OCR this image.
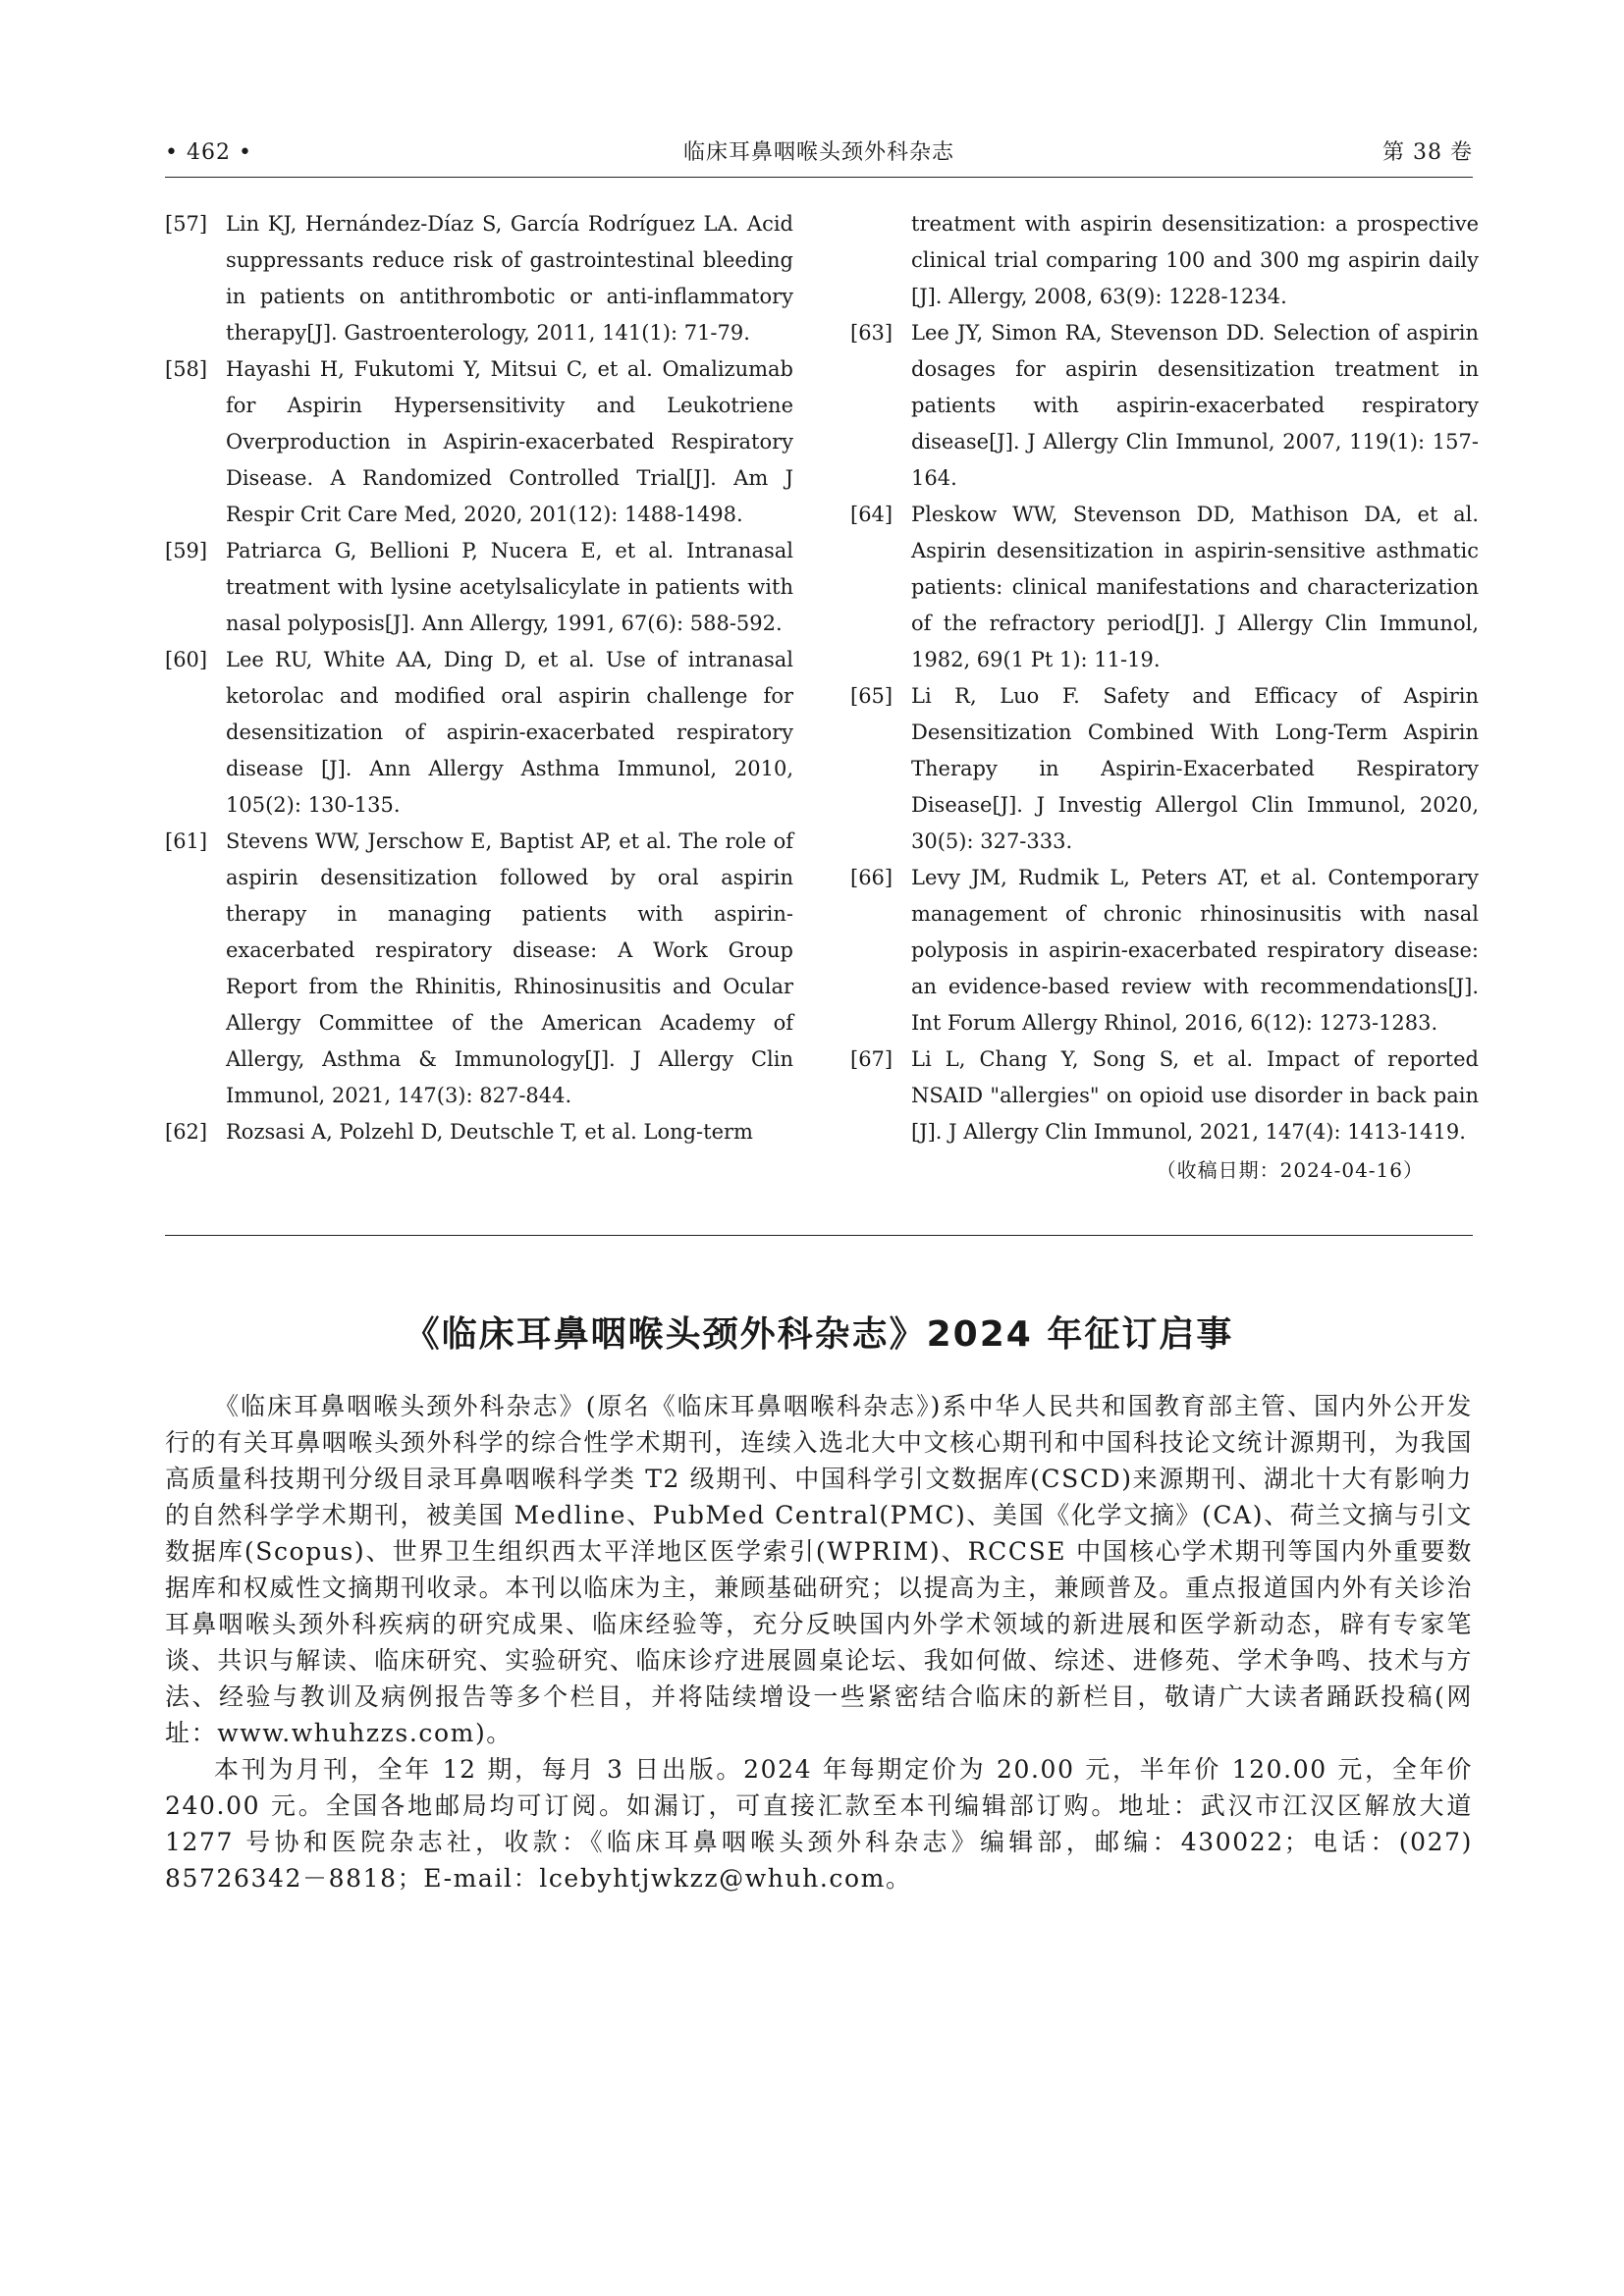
• 462 •	临床耳鼻咽喉头颈外科杂志	第 38 卷

[57] Lin KJ, Hernández-Díaz S, García Rodríguez LA. Acid suppressants reduce risk of gastrointestinal bleeding in patients on antithrombotic or anti-inflammatory therapy[J]. Gastroenterology, 2011, 141(1): 71-79.

[58] Hayashi H, Fukutomi Y, Mitsui C, et al. Omalizumab for Aspirin Hypersensitivity and Leukotriene Overproduction in Aspirin-exacerbated Respiratory Disease. A Randomized Controlled Trial[J]. Am J Respir Crit Care Med, 2020, 201(12): 1488-1498.

[59] Patriarca G, Bellioni P, Nucera E, et al. Intranasal treatment with lysine acetylsalicylate in patients with nasal polyposis[J]. Ann Allergy, 1991, 67(6): 588-592.

[60] Lee RU, White AA, Ding D, et al. Use of intranasal ketorolac and modified oral aspirin challenge for desensitization of aspirin-exacerbated respiratory disease [J]. Ann Allergy Asthma Immunol, 2010, 105(2): 130-135.

[61] Stevens WW, Jerschow E, Baptist AP, et al. The role of aspirin desensitization followed by oral aspirin therapy in managing patients with aspirin-exacerbated respiratory disease: A Work Group Report from the Rhinitis, Rhinosinusitis and Ocular Allergy Committee of the American Academy of Allergy, Asthma & Immunology[J]. J Allergy Clin Immunol, 2021, 147(3): 827-844.

[62] Rozsasi A, Polzehl D, Deutschle T, et al. Long-term

treatment with aspirin desensitization: a prospective clinical trial comparing 100 and 300 mg aspirin daily [J]. Allergy, 2008, 63(9): 1228-1234.

[63] Lee JY, Simon RA, Stevenson DD. Selection of aspirin dosages for aspirin desensitization treatment in patients with aspirin-exacerbated respiratory disease[J]. J Allergy Clin Immunol, 2007, 119(1): 157-164.

[64] Pleskow WW, Stevenson DD, Mathison DA, et al. Aspirin desensitization in aspirin-sensitive asthmatic patients: clinical manifestations and characterization of the refractory period[J]. J Allergy Clin Immunol, 1982, 69(1 Pt 1): 11-19.

[65] Li R, Luo F. Safety and Efficacy of Aspirin Desensitization Combined With Long-Term Aspirin Therapy in Aspirin-Exacerbated Respiratory Disease[J]. J Investig Allergol Clin Immunol, 2020, 30(5): 327-333.

[66] Levy JM, Rudmik L, Peters AT, et al. Contemporary management of chronic rhinosinusitis with nasal polyposis in aspirin-exacerbated respiratory disease: an evidence-based review with recommendations[J]. Int Forum Allergy Rhinol, 2016, 6(12): 1273-1283.

[67] Li L, Chang Y, Song S, et al. Impact of reported NSAID "allergies" on opioid use disorder in back pain [J]. J Allergy Clin Immunol, 2021, 147(4): 1413-1419.

（收稿日期：2024-04-16）
《临床耳鼻咽喉头颈外科杂志》2024 年征订启事

《临床耳鼻咽喉头颈外科杂志》(原名《临床耳鼻咽喉科杂志》)系中华人民共和国教育部主管、国内外公开发行的有关耳鼻咽喉头颈外科学的综合性学术期刊，连续入选北大中文核心期刊和中国科技论文统计源期刊，为我国高质量科技期刊分级目录耳鼻咽喉科学类 T2 级期刊、中国科学引文数据库(CSCD)来源期刊、湖北十大有影响力的自然科学学术期刊，被美国 Medline、PubMed Central(PMC)、美国《化学文摘》(CA)、荷兰文摘与引文数据库(Scopus)、世界卫生组织西太平洋地区医学索引(WPRIM)、RCCSE 中国核心学术期刊等国内外重要数据库和权威性文摘期刊收录。本刊以临床为主，兼顾基础研究；以提高为主，兼顾普及。重点报道国内外有关诊治耳鼻咽喉头颈外科疾病的研究成果、临床经验等，充分反映国内外学术领域的新进展和医学新动态，辟有专家笔谈、共识与解读、临床研究、实验研究、临床诊疗进展圆桌论坛、我如何做、综述、进修苑、学术争鸣、技术与方法、经验与教训及病例报告等多个栏目，并将陆续增设一些紧密结合临床的新栏目，敬请广大读者踊跃投稿(网址：www.whuhzzs.com)。

本刊为月刊，全年 12 期，每月 3 日出版。2024 年每期定价为 20.00 元，半年价 120.00 元，全年价 240.00 元。全国各地邮局均可订阅。如漏订，可直接汇款至本刊编辑部订购。地址：武汉市江汉区解放大道 1277 号协和医院杂志社，收款：《临床耳鼻咽喉头颈外科杂志》编辑部，邮编：430022；电话：(027) 85726342－8818；E-mail：lcebyhtjwkzz@whuh.com。
